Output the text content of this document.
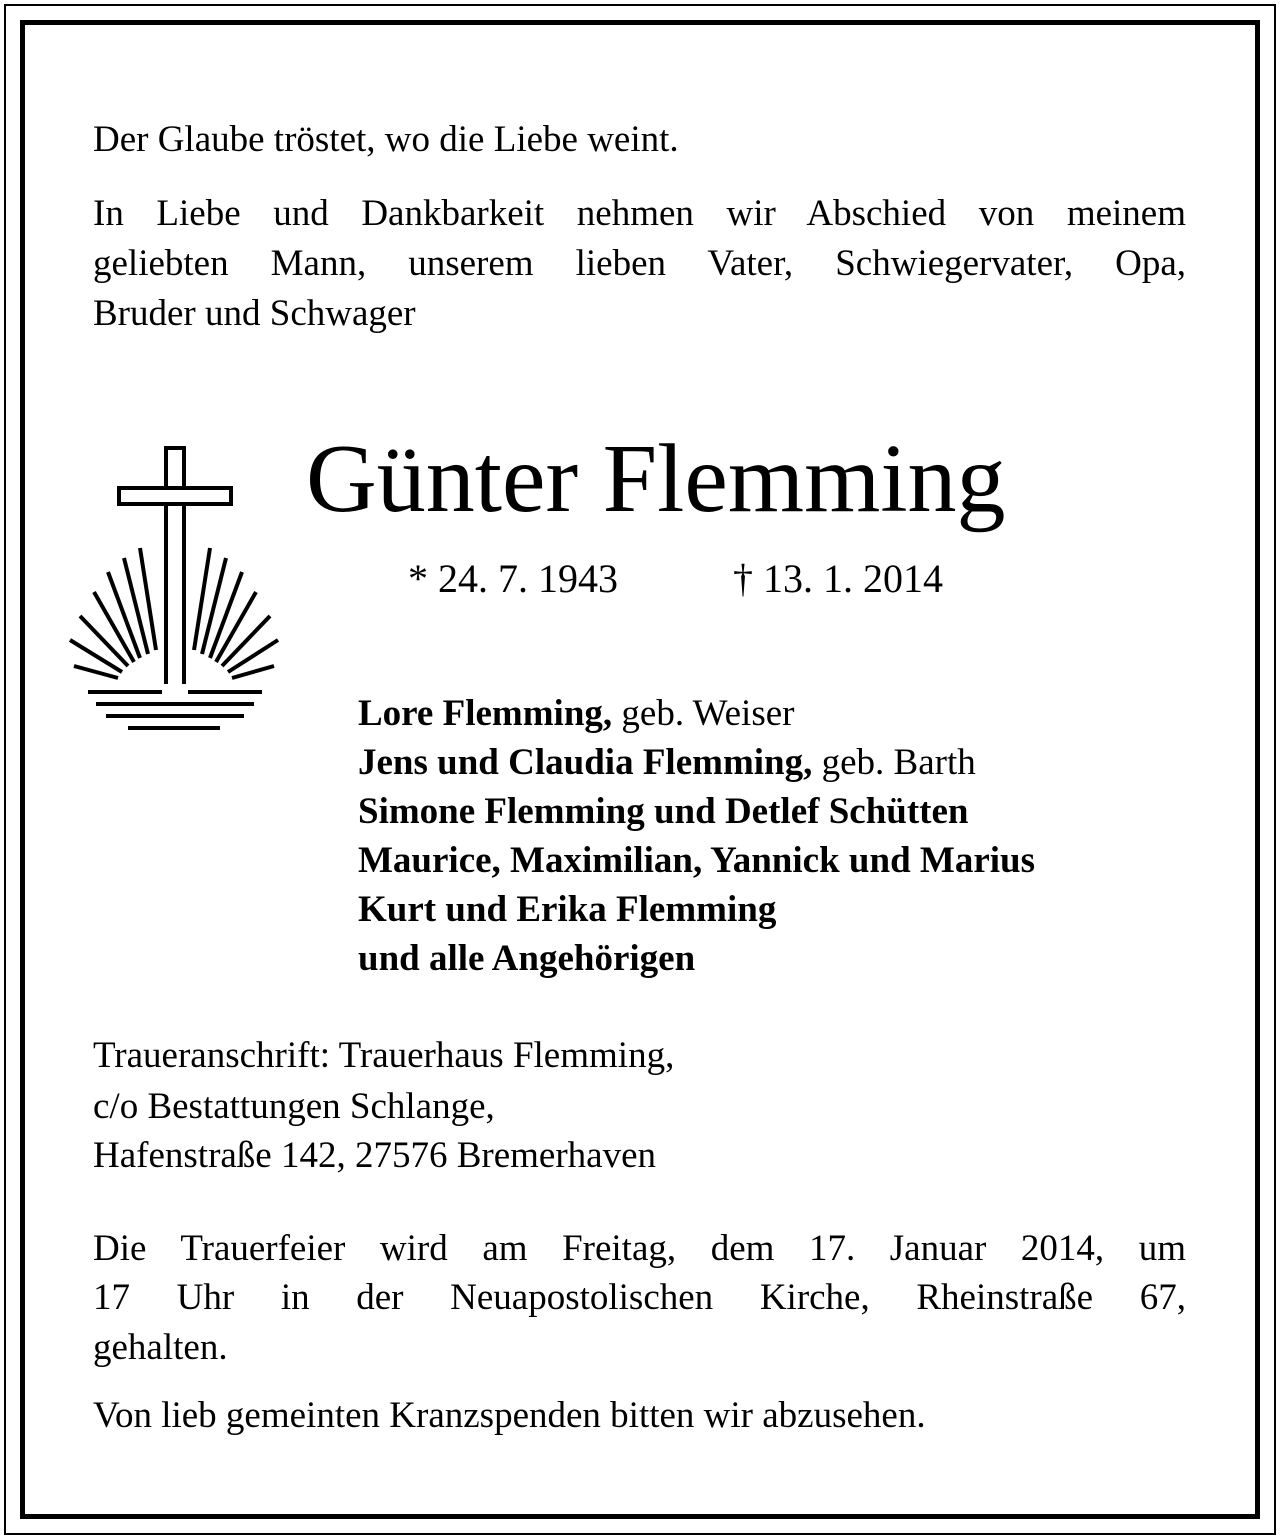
Der Glaube tröstet, wo die Liebe weint.
In Liebe und Dankbarkeit nehmen wir Abschied von meinem
geliebten Mann, unserem lieben Vater, Schwiegervater, Opa,
Bruder und Schwager
Günter Flemming
* 24. 7. 1943	† 13. 1. 2014
Lore Flemming, geb. Weiser
Jens und Claudia Flemming, geb. Barth
Simone Flemming und Detlef Schütten
Maurice, Maximilian, Yannick und Marius
Kurt und Erika Flemming
und alle Angehörigen
Traueranschrift: Trauerhaus Flemming,
c/o Bestattungen Schlange,
Hafenstraße 142, 27576 Bremerhaven
Die Trauerfeier wird am Freitag, dem 17. Januar 2014, um
17 Uhr in der Neuapostolischen Kirche, Rheinstraße 67,
gehalten.
Von lieb gemeinten Kranzspenden bitten wir abzusehen.
